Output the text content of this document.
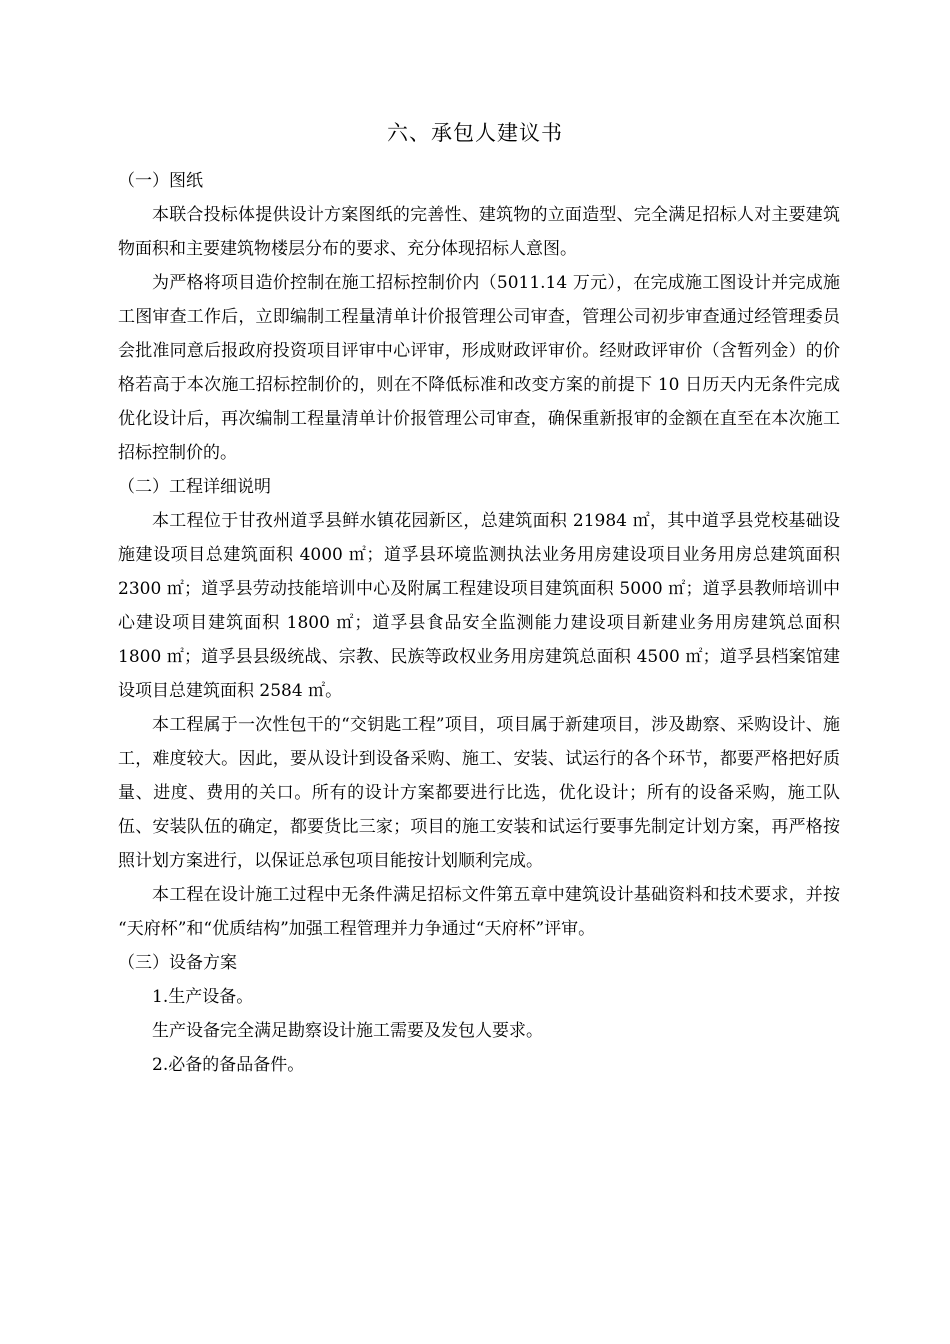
六、承包人建议书

（一）图纸

本联合投标体提供设计方案图纸的完善性、建筑物的立面造型、完全满足招标人对主要建筑物面积和主要建筑物楼层分布的要求、充分体现招标人意图。

为严格将项目造价控制在施工招标控制价内（5011.14 万元），在完成施工图设计并完成施工图审查工作后，立即编制工程量清单计价报管理公司审查，管理公司初步审查通过经管理委员会批准同意后报政府投资项目评审中心评审，形成财政评审价。经财政评审价（含暂列金）的价格若高于本次施工招标控制价的，则在不降低标准和改变方案的前提下 10 日历天内无条件完成优化设计后，再次编制工程量清单计价报管理公司审查，确保重新报审的金额在直至在本次施工招标控制价的。

（二）工程详细说明

本工程位于甘孜州道孚县鲜水镇花园新区，总建筑面积 21984 ㎡，其中道孚县党校基础设施建设项目总建筑面积 4000 ㎡；道孚县环境监测执法业务用房建设项目业务用房总建筑面积 2300 ㎡；道孚县劳动技能培训中心及附属工程建设项目建筑面积 5000 ㎡；道孚县教师培训中心建设项目建筑面积 1800 ㎡；道孚县食品安全监测能力建设项目新建业务用房建筑总面积 1800 ㎡；道孚县县级统战、宗教、民族等政权业务用房建筑总面积 4500 ㎡；道孚县档案馆建设项目总建筑面积 2584 ㎡。

本工程属于一次性包干的“交钥匙工程”项目，项目属于新建项目，涉及勘察、采购设计、施工，难度较大。因此，要从设计到设备采购、施工、安装、试运行的各个环节，都要严格把好质量、进度、费用的关口。所有的设计方案都要进行比选，优化设计；所有的设备采购，施工队伍、安装队伍的确定，都要货比三家；项目的施工安装和试运行要事先制定计划方案，再严格按照计划方案进行，以保证总承包项目能按计划顺利完成。

本工程在设计施工过程中无条件满足招标文件第五章中建筑设计基础资料和技术要求，并按 “天府杯”和“优质结构”加强工程管理并力争通过“天府杯”评审。

（三）设备方案

1.生产设备。

生产设备完全满足勘察设计施工需要及发包人要求。

2.必备的备品备件。
